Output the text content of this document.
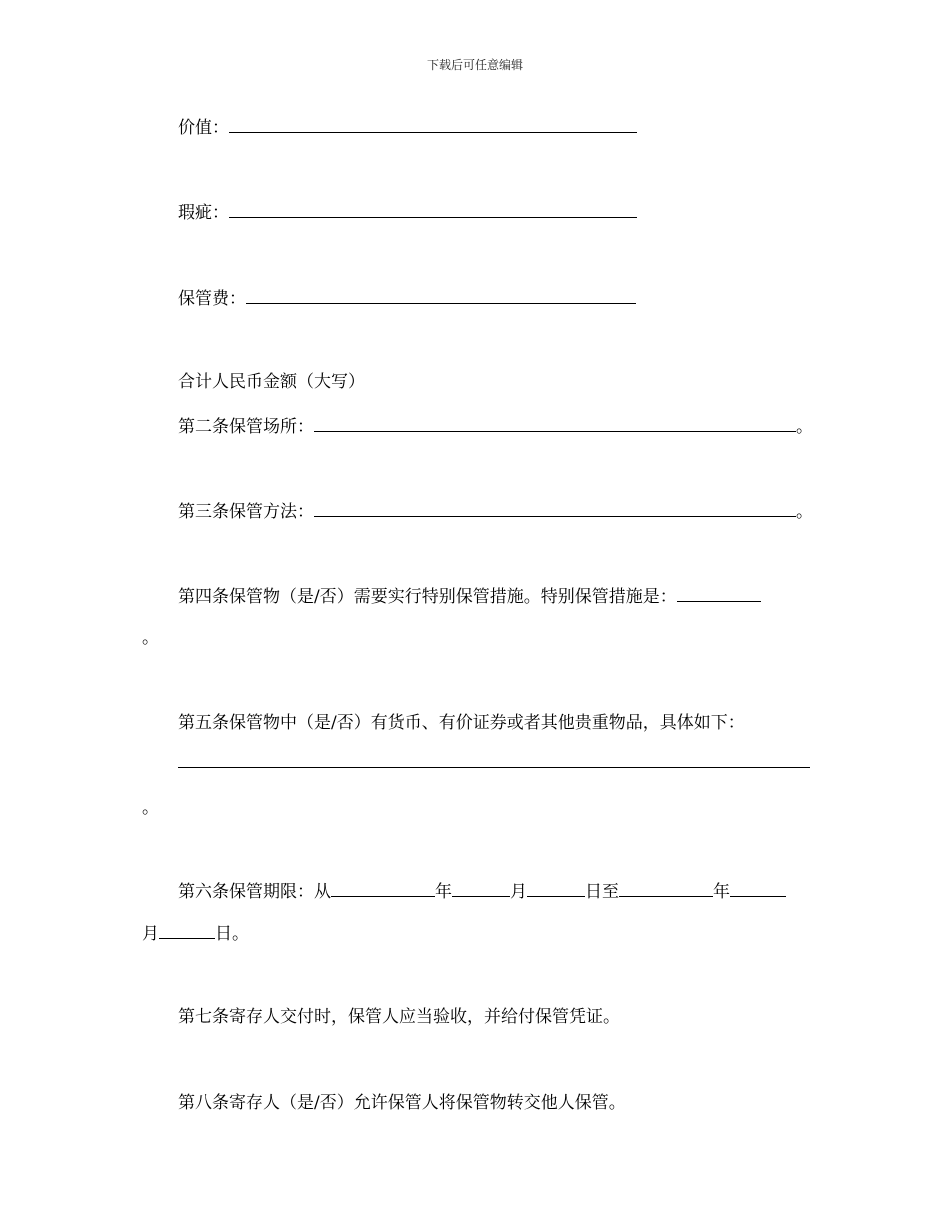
下载后可任意编辑
价值：
瑕疵：
保管费：
合计人民币金额（大写）
第二条保管场所：	。
第三条保管方法：	。
第四条保管物（是/否）需要实行特别保管措施。特别保管措施是：
。
第五条保管物中（是/否）有货币、有价证券或者其他贵重物品，具体如下：
。
第六条保管期限：从	年	月	日至	年
月	日。
第七条寄存人交付时，保管人应当验收，并给付保管凭证。
第八条寄存人（是/否）允许保管人将保管物转交他人保管。
